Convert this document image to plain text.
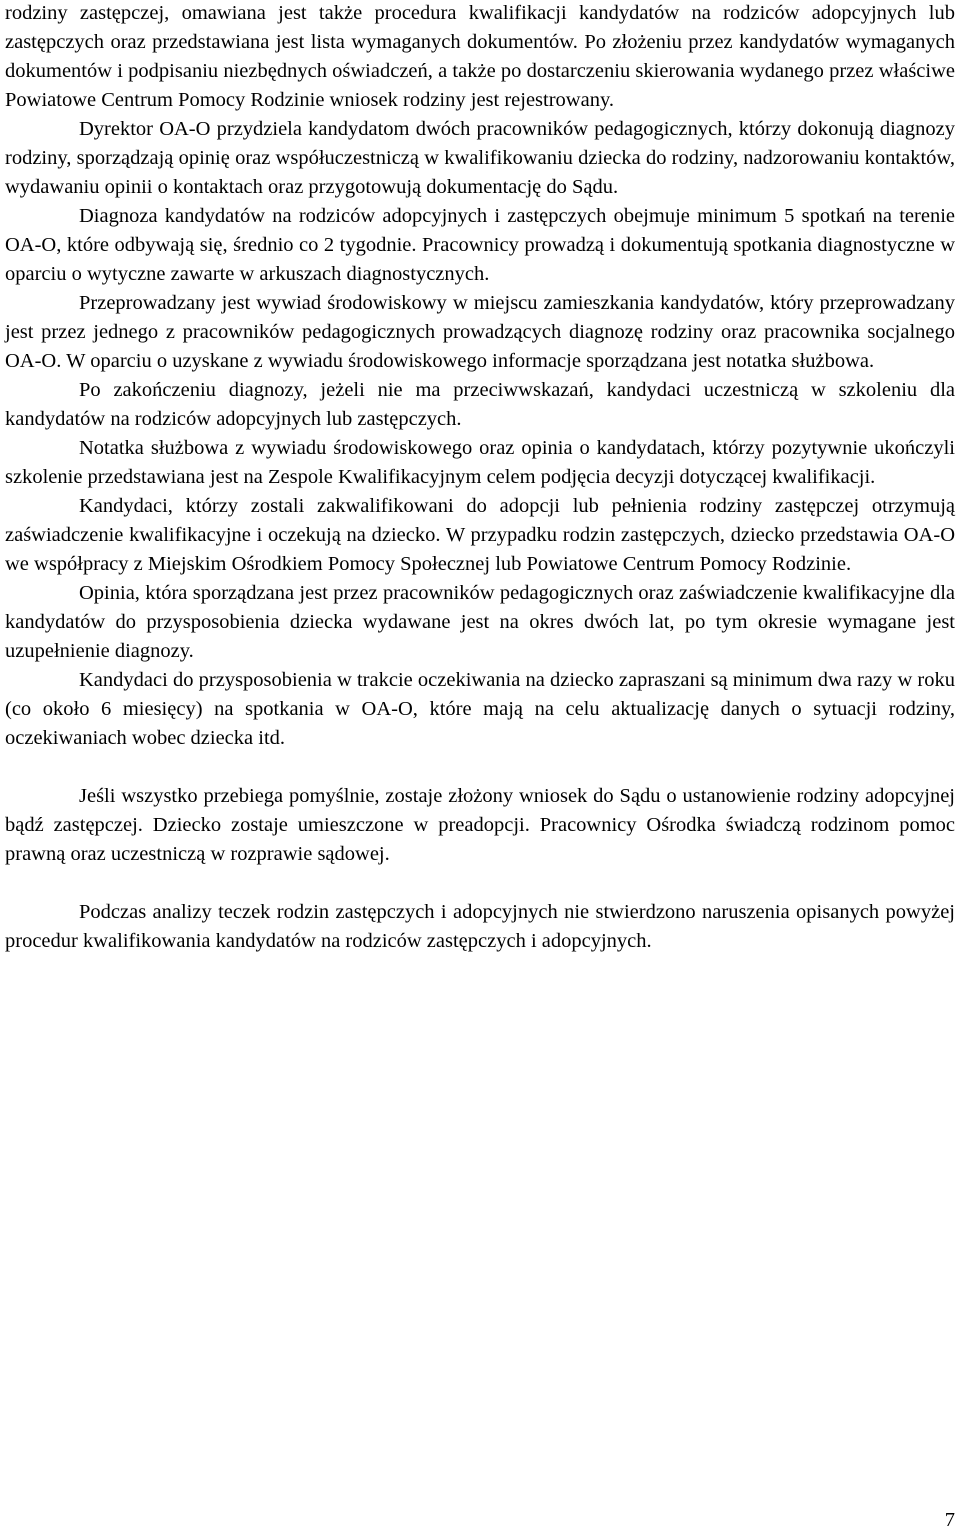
rodziny zastępczej, omawiana jest także procedura kwalifikacji kandydatów na rodziców adopcyjnych lub zastępczych oraz przedstawiana jest lista wymaganych dokumentów. Po złożeniu przez kandydatów wymaganych dokumentów i podpisaniu niezbędnych oświadczeń, a także po dostarczeniu skierowania wydanego przez właściwe Powiatowe Centrum Pomocy Rodzinie wniosek rodziny jest rejestrowany.

Dyrektor OA-O przydziela kandydatom dwóch pracowników pedagogicznych, którzy dokonują diagnozy rodziny, sporządzają opinię oraz współuczestniczą w kwalifikowaniu dziecka do rodziny, nadzorowaniu kontaktów, wydawaniu opinii o kontaktach oraz przygotowują dokumentację do Sądu.

Diagnoza kandydatów na rodziców adopcyjnych i zastępczych obejmuje minimum 5 spotkań na terenie OA-O, które odbywają się, średnio co 2 tygodnie. Pracownicy prowadzą i dokumentują spotkania diagnostyczne w oparciu o wytyczne zawarte w arkuszach diagnostycznych.

Przeprowadzany jest wywiad środowiskowy w miejscu zamieszkania kandydatów, który przeprowadzany jest przez jednego z pracowników pedagogicznych prowadzących diagnozę rodziny oraz pracownika socjalnego OA-O. W oparciu o uzyskane z wywiadu środowiskowego informacje sporządzana jest notatka służbowa.

Po zakończeniu diagnozy, jeżeli nie ma przeciwwskazań, kandydaci uczestniczą w szkoleniu dla kandydatów na rodziców adopcyjnych lub zastępczych.

Notatka służbowa z wywiadu środowiskowego oraz opinia o kandydatach, którzy pozytywnie ukończyli szkolenie przedstawiana jest na Zespole Kwalifikacyjnym celem podjęcia decyzji dotyczącej kwalifikacji.

Kandydaci, którzy zostali zakwalifikowani do adopcji lub pełnienia rodziny zastępczej otrzymują zaświadczenie kwalifikacyjne i oczekują na dziecko. W przypadku rodzin zastępczych, dziecko przedstawia OA-O we współpracy z Miejskim Ośrodkiem Pomocy Społecznej lub Powiatowe Centrum Pomocy Rodzinie.

Opinia, która sporządzana jest przez pracowników pedagogicznych oraz zaświadczenie kwalifikacyjne dla kandydatów do przysposobienia dziecka wydawane jest na okres dwóch lat, po tym okresie wymagane jest uzupełnienie diagnozy.

Kandydaci do przysposobienia w trakcie oczekiwania na dziecko zapraszani są minimum dwa razy w roku (co około 6 miesięcy) na spotkania w OA-O, które mają na celu aktualizację danych o sytuacji rodziny, oczekiwaniach wobec dziecka itd.

Jeśli wszystko przebiega pomyślnie, zostaje złożony wniosek do Sądu o ustanowienie rodziny adopcyjnej bądź zastępczej. Dziecko zostaje umieszczone w preadopcji. Pracownicy Ośrodka świadczą rodzinom pomoc prawną oraz uczestniczą w rozprawie sądowej.

Podczas analizy teczek rodzin zastępczych i adopcyjnych nie stwierdzono naruszenia opisanych powyżej procedur kwalifikowania kandydatów na rodziców zastępczych i adopcyjnych.

7
